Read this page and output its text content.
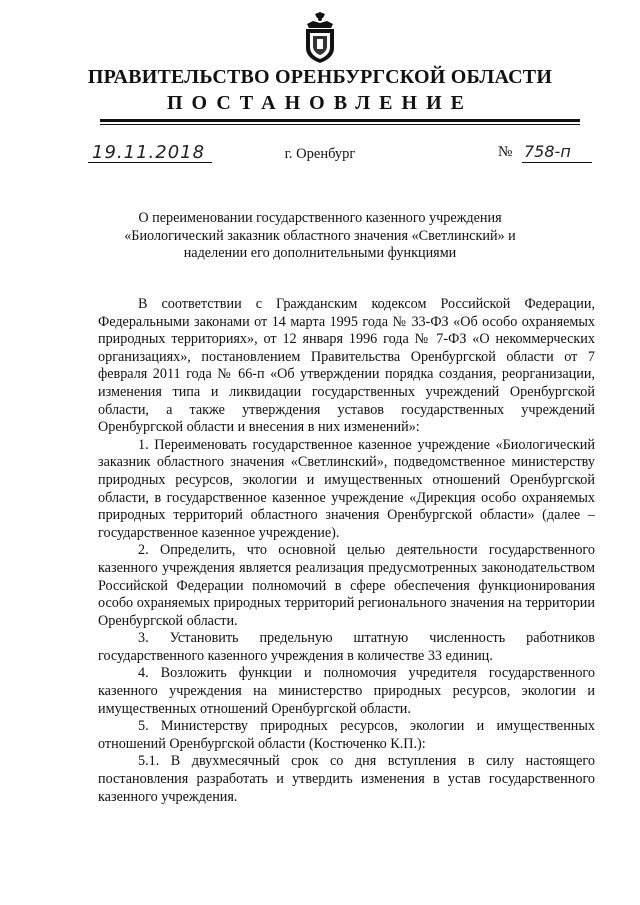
ПРАВИТЕЛЬСТВО ОРЕНБУРГСКОЙ ОБЛАСТИ
ПОСТАНОВЛЕНИЕ
19.11.2018	г. Оренбург	№ 758-п
О переименовании государственного казенного учреждения
«Биологический заказник областного значения «Светлинский» и
наделении его дополнительными функциями

В соответствии с Гражданским кодексом Российской Федерации, Федеральными законами от 14 марта 1995 года № 33-ФЗ «Об особо охраняемых природных территориях», от 12 января 1996 года № 7-ФЗ «О некоммерческих организациях», постановлением Правительства Оренбургской области от 7 февраля 2011 года № 66-п «Об утверждении порядка создания, реорганизации, изменения типа и ликвидации государственных учреждений Оренбургской области, а также утверждения уставов государственных учреждений Оренбургской области и внесения в них изменений»:

1. Переименовать государственное казенное учреждение «Биологический заказник областного значения «Светлинский», подведомственное министерству природных ресурсов, экологии и имущественных отношений Оренбургской области, в государственное казенное учреждение «Дирекция особо охраняемых природных территорий областного значения Оренбургской области» (далее – государственное казенное учреждение).

2. Определить, что основной целью деятельности государственного казенного учреждения является реализация предусмотренных законодательством Российской Федерации полномочий в сфере обеспечения функционирования особо охраняемых природных территорий регионального значения на территории Оренбургской области.

3. Установить предельную штатную численность работников государственного казенного учреждения в количестве 33 единиц.

4. Возложить функции и полномочия учредителя государственного казенного учреждения на министерство природных ресурсов, экологии и имущественных отношений Оренбургской области.

5. Министерству природных ресурсов, экологии и имущественных отношений Оренбургской области (Костюченко К.П.):

5.1. В двухмесячный срок со дня вступления в силу настоящего постановления разработать и утвердить изменения в устав государственного казенного учреждения.
